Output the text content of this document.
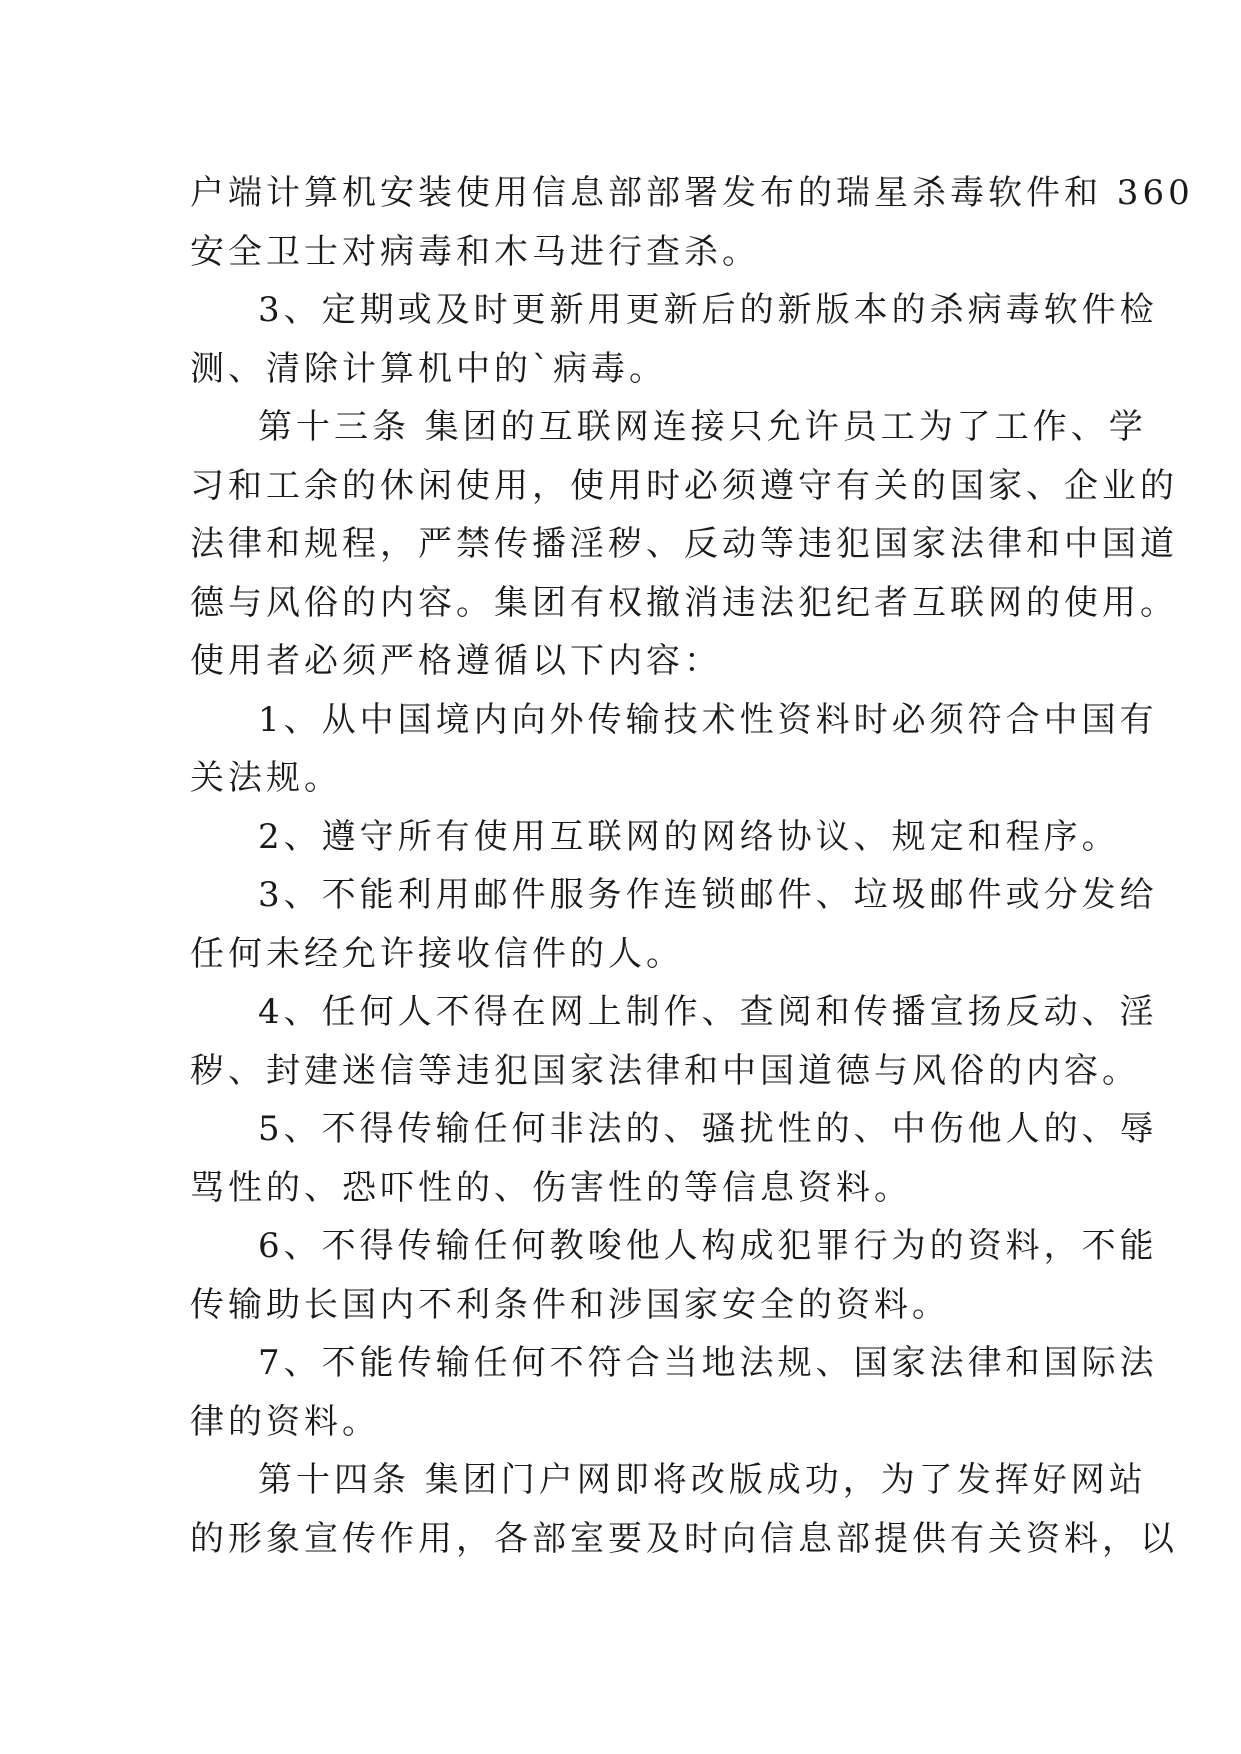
户端计算机安装使用信息部部署发布的瑞星杀毒软件和 360
安全卫士对病毒和木马进行查杀。
3、定期或及时更新用更新后的新版本的杀病毒软件检
测、清除计算机中的`病毒。
第十三条 集团的互联网连接只允许员工为了工作、学
习和工余的休闲使用，使用时必须遵守有关的国家、企业的
法律和规程，严禁传播淫秽、反动等违犯国家法律和中国道
德与风俗的内容。集团有权撤消违法犯纪者互联网的使用。
使用者必须严格遵循以下内容：
1、从中国境内向外传输技术性资料时必须符合中国有
关法规。
2、遵守所有使用互联网的网络协议、规定和程序。
3、不能利用邮件服务作连锁邮件、垃圾邮件或分发给
任何未经允许接收信件的人。
4、任何人不得在网上制作、查阅和传播宣扬反动、淫
秽、封建迷信等违犯国家法律和中国道德与风俗的内容。
5、不得传输任何非法的、骚扰性的、中伤他人的、辱
骂性的、恐吓性的、伤害性的等信息资料。
6、不得传输任何教唆他人构成犯罪行为的资料，不能
传输助长国内不利条件和涉国家安全的资料。
7、不能传输任何不符合当地法规、国家法律和国际法
律的资料。
第十四条 集团门户网即将改版成功，为了发挥好网站
的形象宣传作用，各部室要及时向信息部提供有关资料，以
